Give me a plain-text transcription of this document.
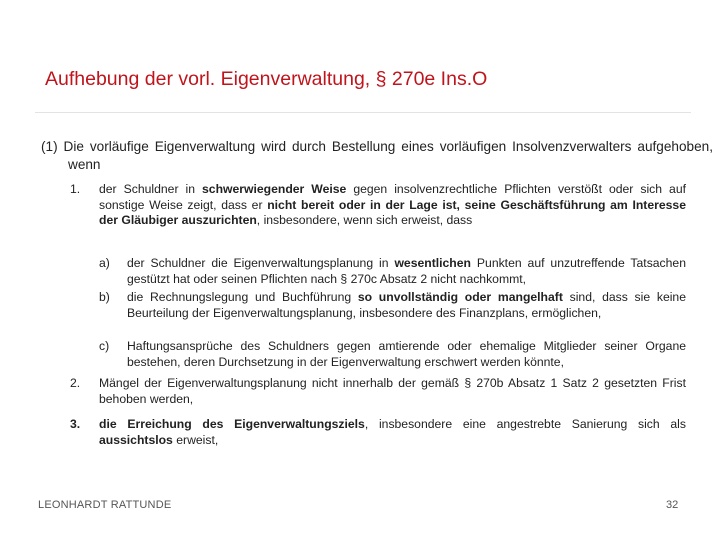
Aufhebung der vorl. Eigenverwaltung, § 270e Ins.O
(1) Die vorläufige Eigenverwaltung wird durch Bestellung eines vorläufigen Insolvenzverwalters aufgehoben, wenn
1. der Schuldner in schwerwiegender Weise gegen insolvenzrechtliche Pflichten verstößt oder sich auf sonstige Weise zeigt, dass er nicht bereit oder in der Lage ist, seine Geschäftsführung am Interesse der Gläubiger auszurichten, insbesondere, wenn sich erweist, dass
a) der Schuldner die Eigenverwaltungsplanung in wesentlichen Punkten auf unzutreffende Tatsachen gestützt hat oder seinen Pflichten nach § 270c Absatz 2 nicht nachkommt,
b) die Rechnungslegung und Buchführung so unvollständig oder mangelhaft sind, dass sie keine Beurteilung der Eigenverwaltungsplanung, insbesondere des Finanzplans, ermöglichen,
c) Haftungsansprüche des Schuldners gegen amtierende oder ehemalige Mitglieder seiner Organe bestehen, deren Durchsetzung in der Eigenverwaltung erschwert werden könnte,
2. Mängel der Eigenverwaltungsplanung nicht innerhalb der gemäß § 270b Absatz 1 Satz 2 gesetzten Frist behoben werden,
3. die Erreichung des Eigenverwaltungsziels, insbesondere eine angestrebte Sanierung sich als aussichtslos erweist,
LEONHARDT RATTUNDE	32
